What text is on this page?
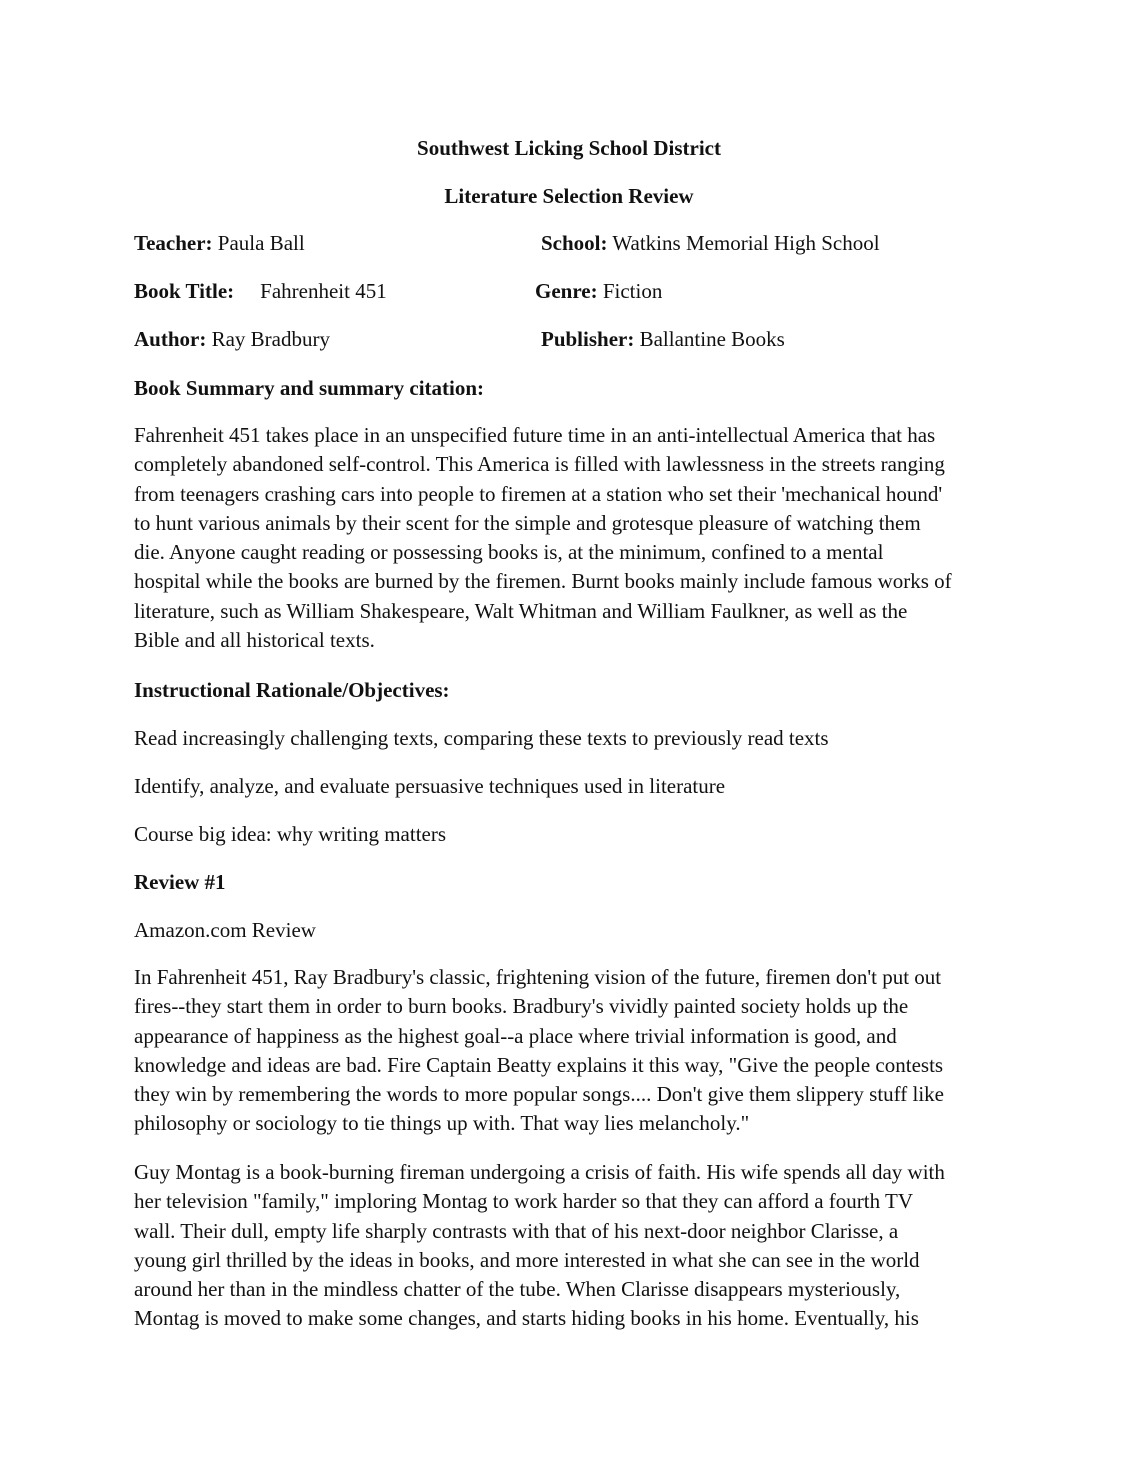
Southwest Licking School District
Literature Selection Review
Teacher: Paula Ball	School: Watkins Memorial High School
Book Title: Fahrenheit 451	Genre: Fiction
Author: Ray Bradbury	Publisher: Ballantine Books
Book Summary and summary citation:
Fahrenheit 451 takes place in an unspecified future time in an anti-intellectual America that has
completely abandoned self-control. This America is filled with lawlessness in the streets ranging
from teenagers crashing cars into people to firemen at a station who set their 'mechanical hound'
to hunt various animals by their scent for the simple and grotesque pleasure of watching them
die. Anyone caught reading or possessing books is, at the minimum, confined to a mental
hospital while the books are burned by the firemen. Burnt books mainly include famous works of
literature, such as William Shakespeare, Walt Whitman and William Faulkner, as well as the
Bible and all historical texts.
Instructional Rationale/Objectives:
Read increasingly challenging texts, comparing these texts to previously read texts
Identify, analyze, and evaluate persuasive techniques used in literature
Course big idea: why writing matters
Review #1
Amazon.com Review
In Fahrenheit 451, Ray Bradbury's classic, frightening vision of the future, firemen don't put out
fires--they start them in order to burn books. Bradbury's vividly painted society holds up the
appearance of happiness as the highest goal--a place where trivial information is good, and
knowledge and ideas are bad. Fire Captain Beatty explains it this way, "Give the people contests
they win by remembering the words to more popular songs.... Don't give them slippery stuff like
philosophy or sociology to tie things up with. That way lies melancholy."
Guy Montag is a book-burning fireman undergoing a crisis of faith. His wife spends all day with
her television "family," imploring Montag to work harder so that they can afford a fourth TV
wall. Their dull, empty life sharply contrasts with that of his next-door neighbor Clarisse, a
young girl thrilled by the ideas in books, and more interested in what she can see in the world
around her than in the mindless chatter of the tube. When Clarisse disappears mysteriously,
Montag is moved to make some changes, and starts hiding books in his home. Eventually, his
